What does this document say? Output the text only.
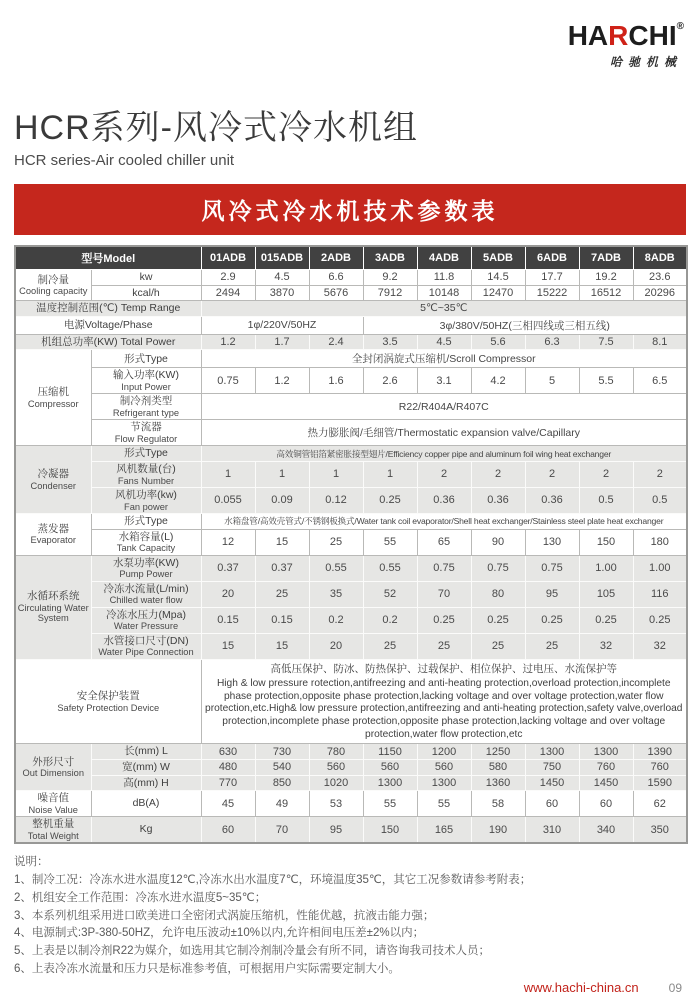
HARCHI®
哈驰机械
HCR系列-风冷式冷水机组
HCR series-Air cooled chiller unit
风冷式冷水机技术参数表
型号Model		01ADB	015ADB	2ADB	3ADB	4ADB	5ADB	6ADB	7ADB	8ADB

制冷量
Cooling capacity	kw	2.9	4.5	6.6	9.2	11.8	14.5	17.7	19.2	23.6

	kcal/h	2494	3870	5676	7912	10148	12470	15222	16512	20296

温度控制范围(℃) Temp Range		5℃~35℃								

电源Voltage/Phase		1φ/220V/50HZ			3φ/380V/50HZ(三相四线或三相五线)					

机组总功率(KW) Total Power		1.2	1.7	2.4	3.5	4.5	5.6	6.3	7.5	8.1

压缩机
Compressor	形式Type	全封闭涡旋式压缩机/Scroll Compressor								

	输入功率(KW)
Input Power	0.75	1.2	1.6	2.6	3.1	4.2	5	5.5	6.5

	制冷剂类型
Refrigerant type	R22/R404A/R407C								

	节流器
Flow Regulator	热力膨胀阀/毛细管/Thermostatic expansion valve/Capillary								

冷凝器
Condenser	形式Type	高效铜管铝箔紧密胀接型翅片/Efficiency copper pipe and aluminum foil wing heat exchanger								

	风机数量(台)
Fans Number	1	1	1	1	2	2	2	2	2

	风机功率(kw)
Fan power	0.055	0.09	0.12	0.25	0.36	0.36	0.36	0.5	0.5

蒸发器
Evaporator	形式Type	水箱盘管/高效壳管式/不锈钢板换式/Water tank coil evaporator/Shell heat exchanger/Stainless steel plate heat exchanger								

	水箱容量(L)
Tank Capacity	12	15	25	55	65	90	130	150	180

水循环系统
Circulating Water System

水泵功率(KW)
Pump Power
	0.37	0.37	0.55	0.55	0.75	0.75	0.75	1.00	1.00

	冷冻水流量(L/min)
Chilled water flow	20	25	35	52	70	80	95	105	116

	冷冻水压力(Mpa)
Water Pressure	0.15	0.15	0.2	0.2	0.25	0.25	0.25	0.25	0.25

	水管接口尺寸(DN)
Water Pipe Connection	15	15	20	25	25	25	25	32	32

安全保护装置
Safety Protection Device

高低压保护、防冰、防热保护、过载保护、相位保护、过电压、水流保护等
High & low pressure rotection,antifreezing and anti-heating protection,overload protection,incomplete phase protection,opposite phase protection,lacking voltage and over voltage protection,water flow protection,etc.High& low pressure protection,antifreezing and anti-heating protection,safety valve,overload protection,incomplete phase protection,opposite phase protection,lacking voltage and over voltage protection,water flow protection,etc

外形尺寸
Out Dimension	长(mm) L	630	730	780	1150	1200	1250	1300	1300	1390

	宽(mm) W	480	540	560	560	560	580	750	760	760

	高(mm) H	770	850	1020	1300	1300	1360	1450	1450	1590

噪音值
Noise Value	dB(A)	45	49	53	55	55	58	60	60	62

整机重量
Total Weight	Kg	60	70	95	150	165	190	310	340	350
说明：
1、制冷工况：冷冻水进水温度12℃,冷冻水出水温度7℃，环境温度35℃，其它工况参数请参考附表；
2、机组安全工作范围：冷冻水进水温度5~35℃；
3、本系列机组采用进口欧美进口全密闭式涡旋压缩机，性能优越，抗液击能力强；
4、电源制式:3P-380-50HZ，允许电压波动±10%以内,允许相间电压差±2%以内；
5、上表是以制冷剂R22为媒介，如选用其它制冷剂制冷量会有所不同，请咨询我司技术人员；
6、上表冷冻水流量和压力只是标准参考值，可根据用户实际需要定制大小。
www.hachi-china.cn	09
